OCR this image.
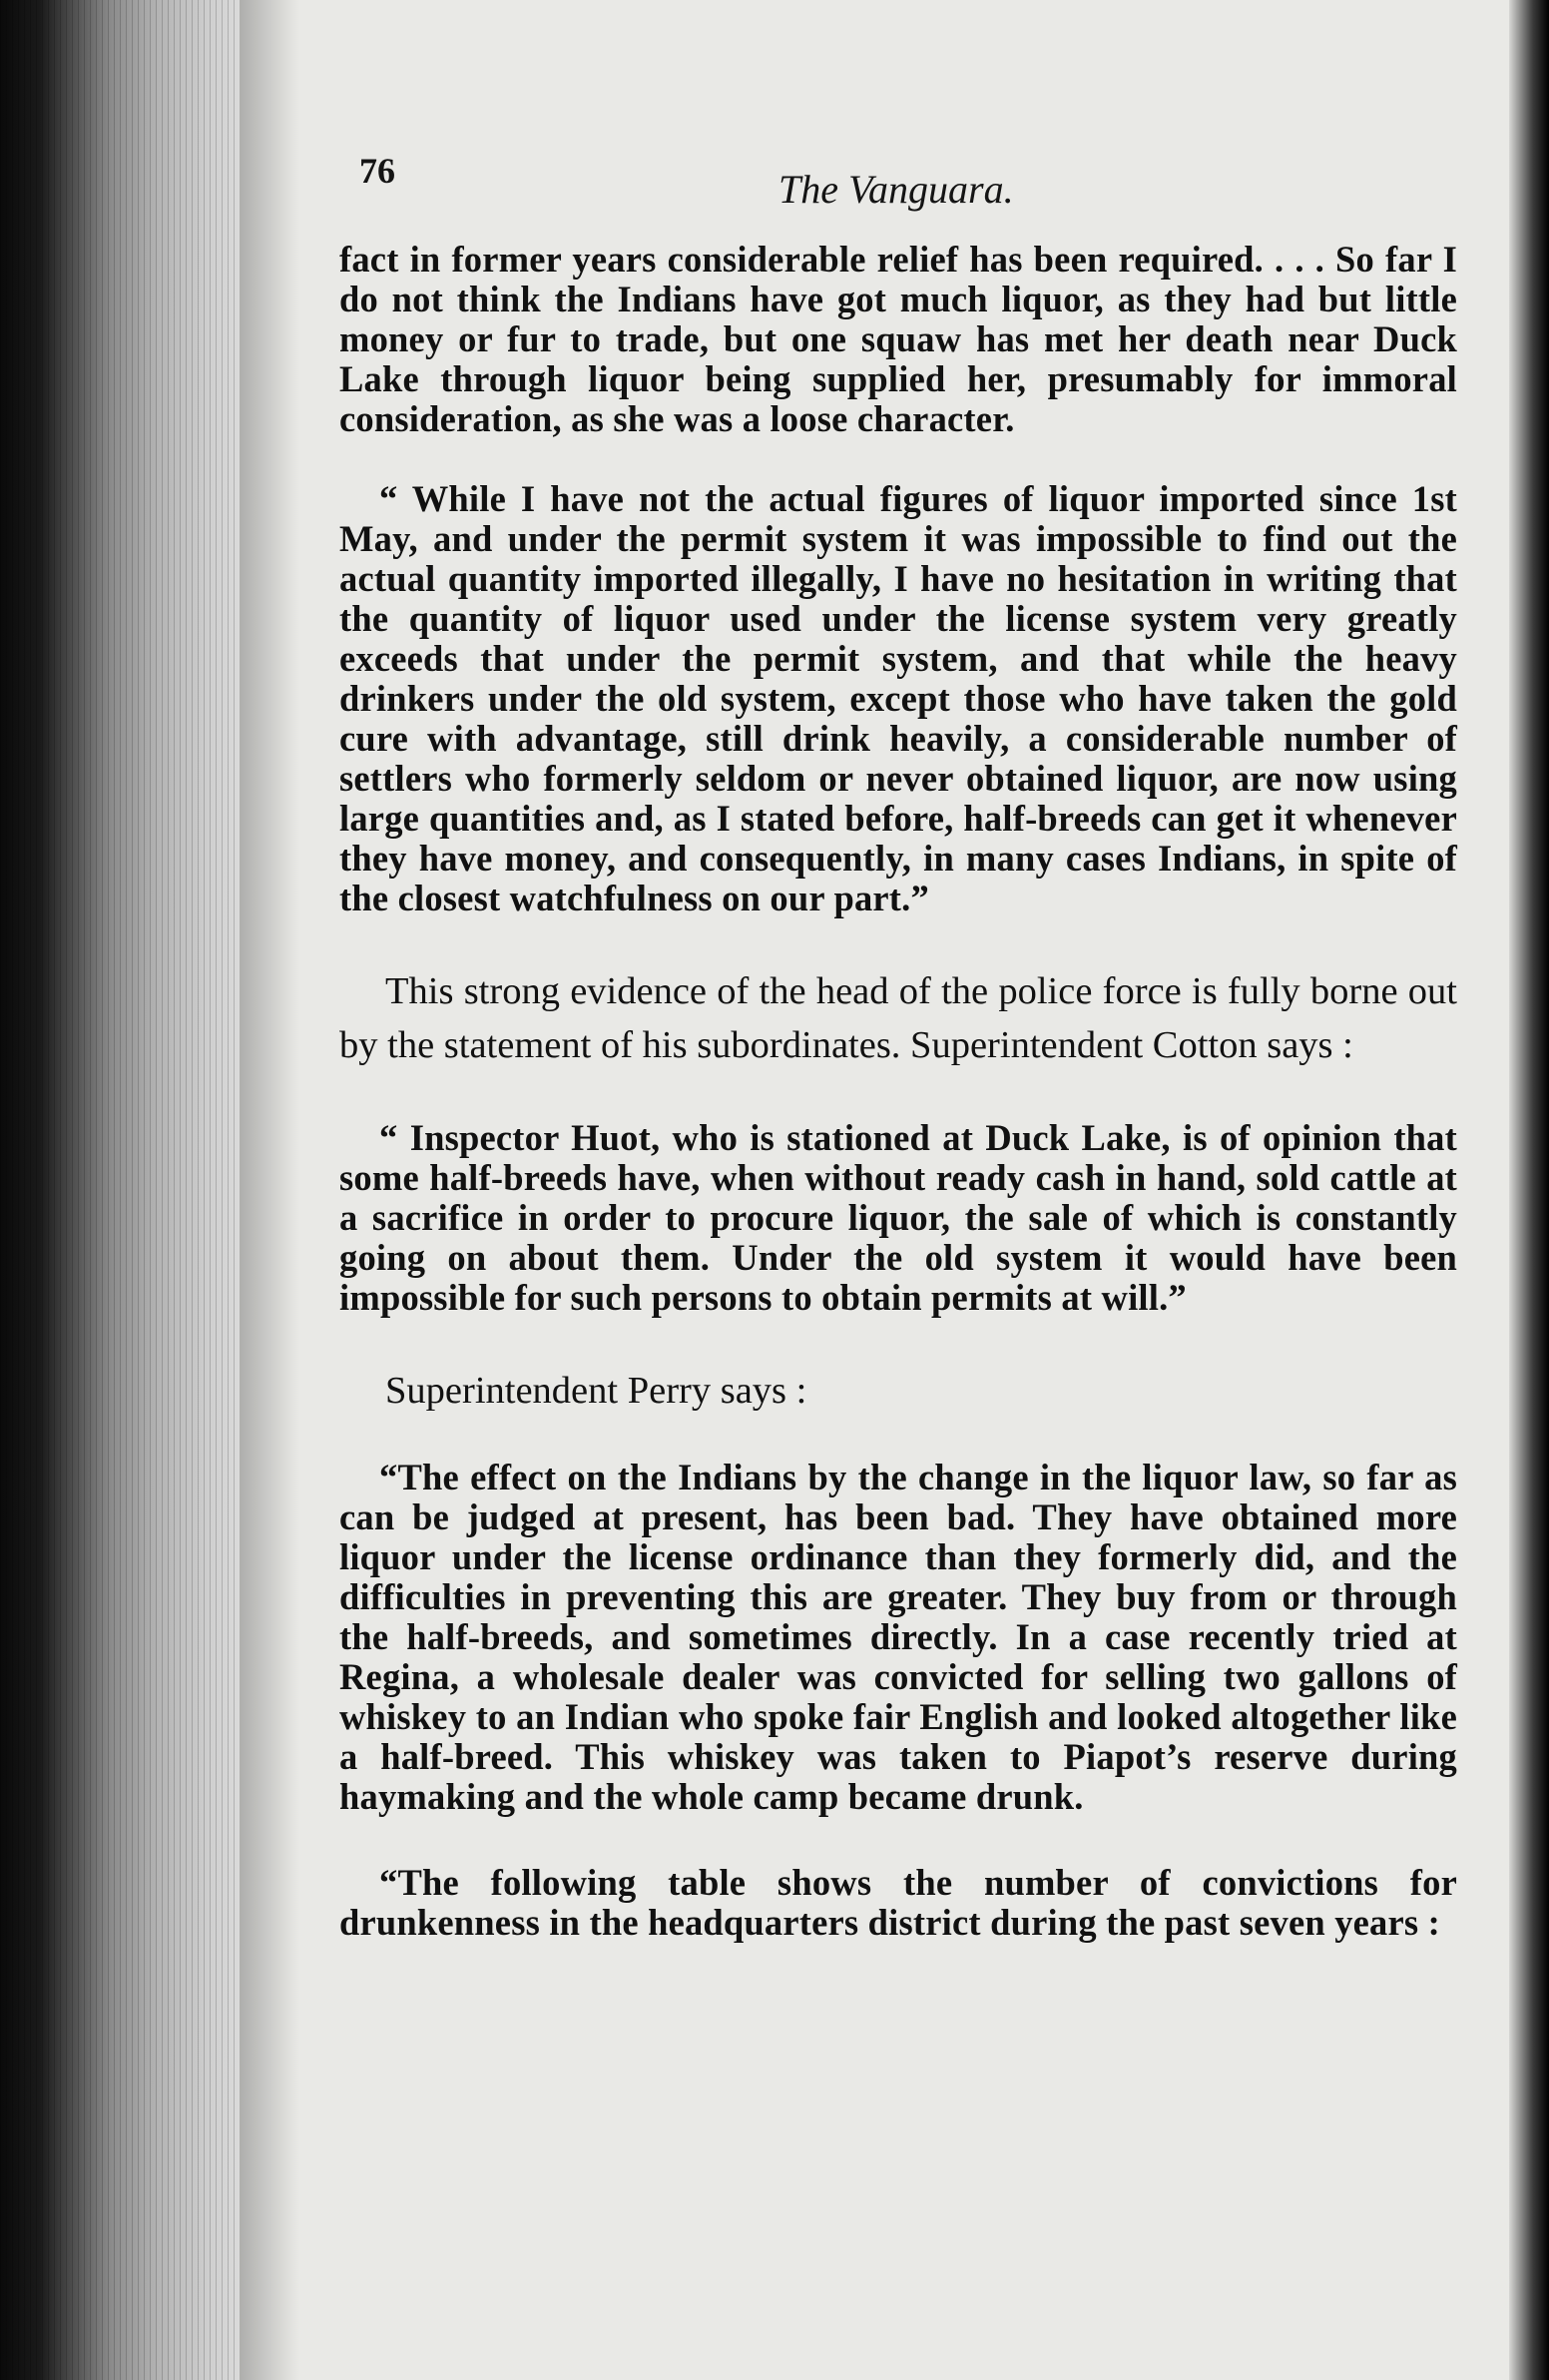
76	The Vanguara.

fact in former years considerable relief has been required. . . . So far I do not think the Indians have got much liquor, as they had but little money or fur to trade, but one squaw has met her death near Duck Lake through liquor being supplied her, presumably for immoral consideration, as she was a loose character.

“ While I have not the actual figures of liquor imported since 1st May, and under the permit system it was impossible to find out the actual quantity imported illegally, I have no hesitation in writing that the quantity of liquor used under the license system very greatly exceeds that under the permit system, and that while the heavy drinkers under the old system, except those who have taken the gold cure with advantage, still drink heavily, a considerable number of settlers who formerly seldom or never obtained liquor, are now using large quantities and, as I stated before, half-breeds can get it whenever they have money, and consequently, in many cases Indians, in spite of the closest watchfulness on our part.”

This strong evidence of the head of the police force is fully borne out by the statement of his subordinates. Superintendent Cotton says :

“ Inspector Huot, who is stationed at Duck Lake, is of opinion that some half-breeds have, when without ready cash in hand, sold cattle at a sacrifice in order to procure liquor, the sale of which is constantly going on about them. Under the old system it would have been impossible for such persons to obtain permits at will.”

Superintendent Perry says :

“The effect on the Indians by the change in the liquor law, so far as can be judged at present, has been bad. They have obtained more liquor under the license ordinance than they formerly did, and the difficulties in preventing this are greater. They buy from or through the half-breeds, and sometimes directly. In a case recently tried at Regina, a wholesale dealer was convicted for selling two gallons of whiskey to an Indian who spoke fair English and looked altogether like a half-breed. This whiskey was taken to Piapot’s reserve during haymaking and the whole camp became drunk.

“The following table shows the number of convictions for drunkenness in the headquarters district during the past seven years :
